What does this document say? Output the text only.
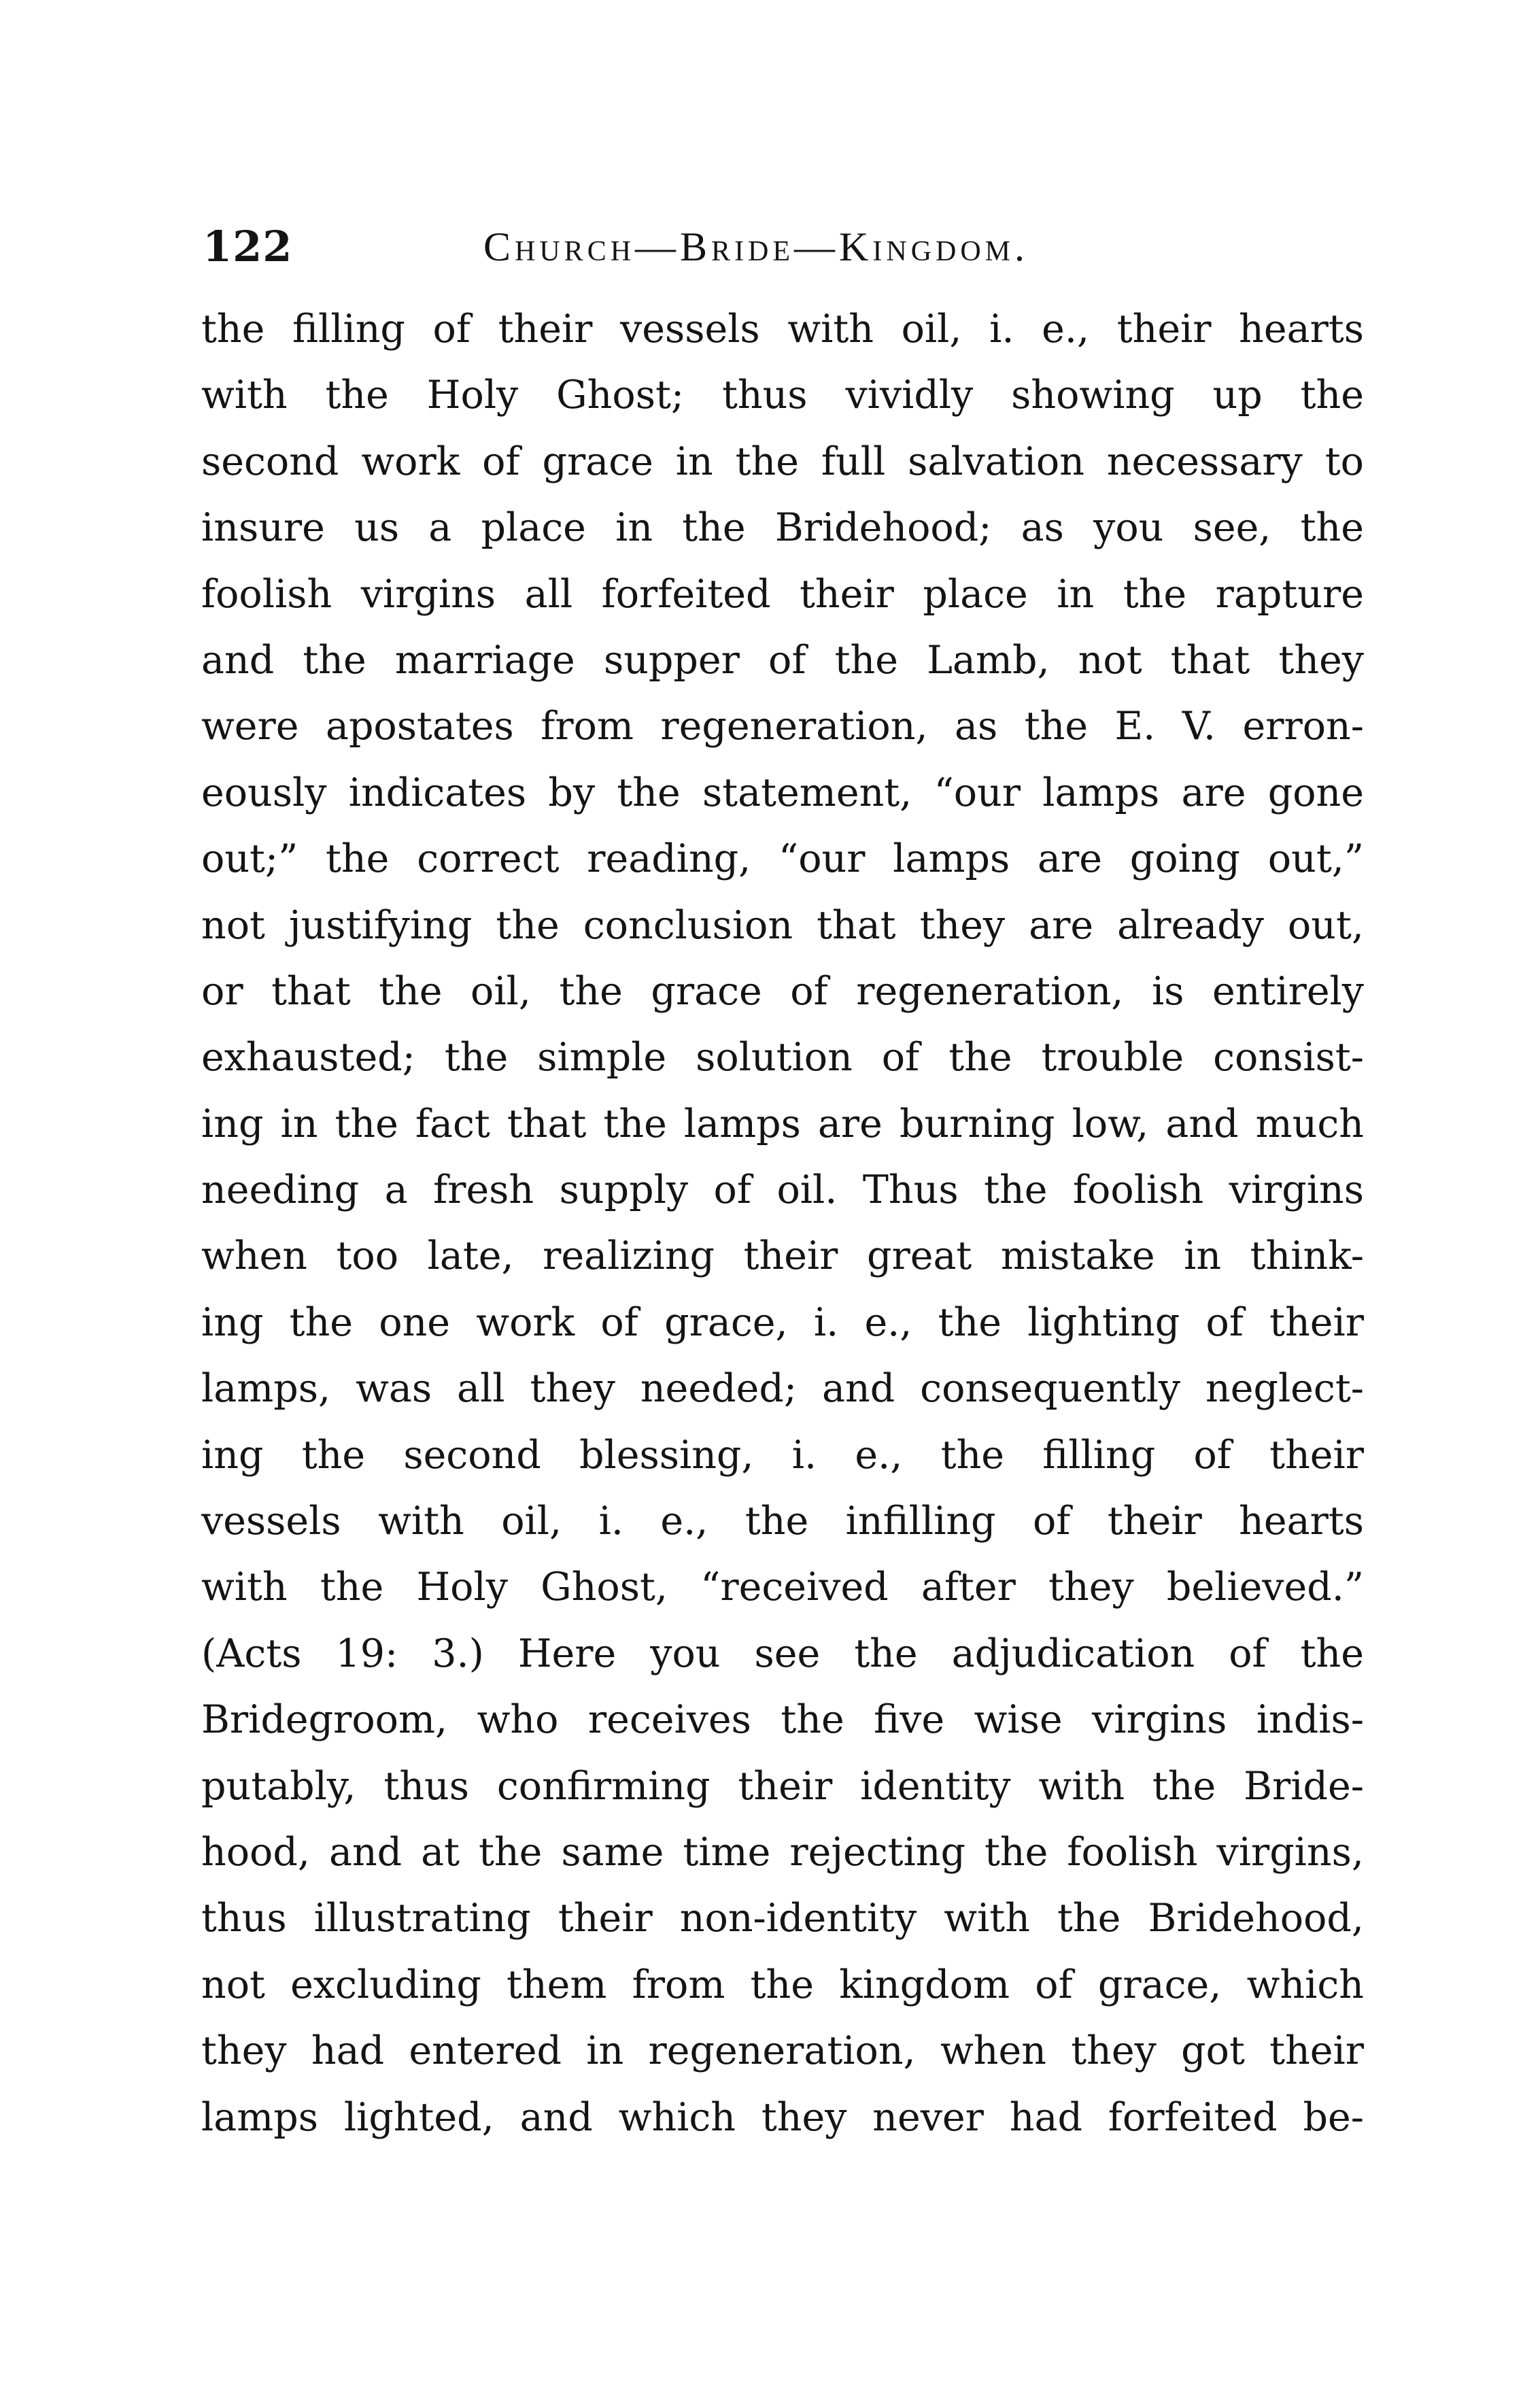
122	Church—Bride—Kingdom.
the filling of their vessels with oil, i. e., their hearts
with the Holy Ghost; thus vividly showing up the
second work of grace in the full salvation necessary to
insure us a place in the Bridehood; as you see, the
foolish virgins all forfeited their place in the rapture
and the marriage supper of the Lamb, not that they
were apostates from regeneration, as the E. V. erron-
eously indicates by the statement, “our lamps are gone
out;” the correct reading, “our lamps are going out,”
not justifying the conclusion that they are already out,
or that the oil, the grace of regeneration, is entirely
exhausted; the simple solution of the trouble consist-
ing in the fact that the lamps are burning low, and much
needing a fresh supply of oil. Thus the foolish virgins
when too late, realizing their great mistake in think-
ing the one work of grace, i. e., the lighting of their
lamps, was all they needed; and consequently neglect-
ing the second blessing, i. e., the filling of their
vessels with oil, i. e., the infilling of their hearts
with the Holy Ghost, “received after they believed.”
(Acts 19: 3.) Here you see the adjudication of the
Bridegroom, who receives the five wise virgins indis-
putably, thus confirming their identity with the Bride-
hood, and at the same time rejecting the foolish virgins,
thus illustrating their non-identity with the Bridehood,
not excluding them from the kingdom of grace, which
they had entered in regeneration, when they got their
lamps lighted, and which they never had forfeited be-
